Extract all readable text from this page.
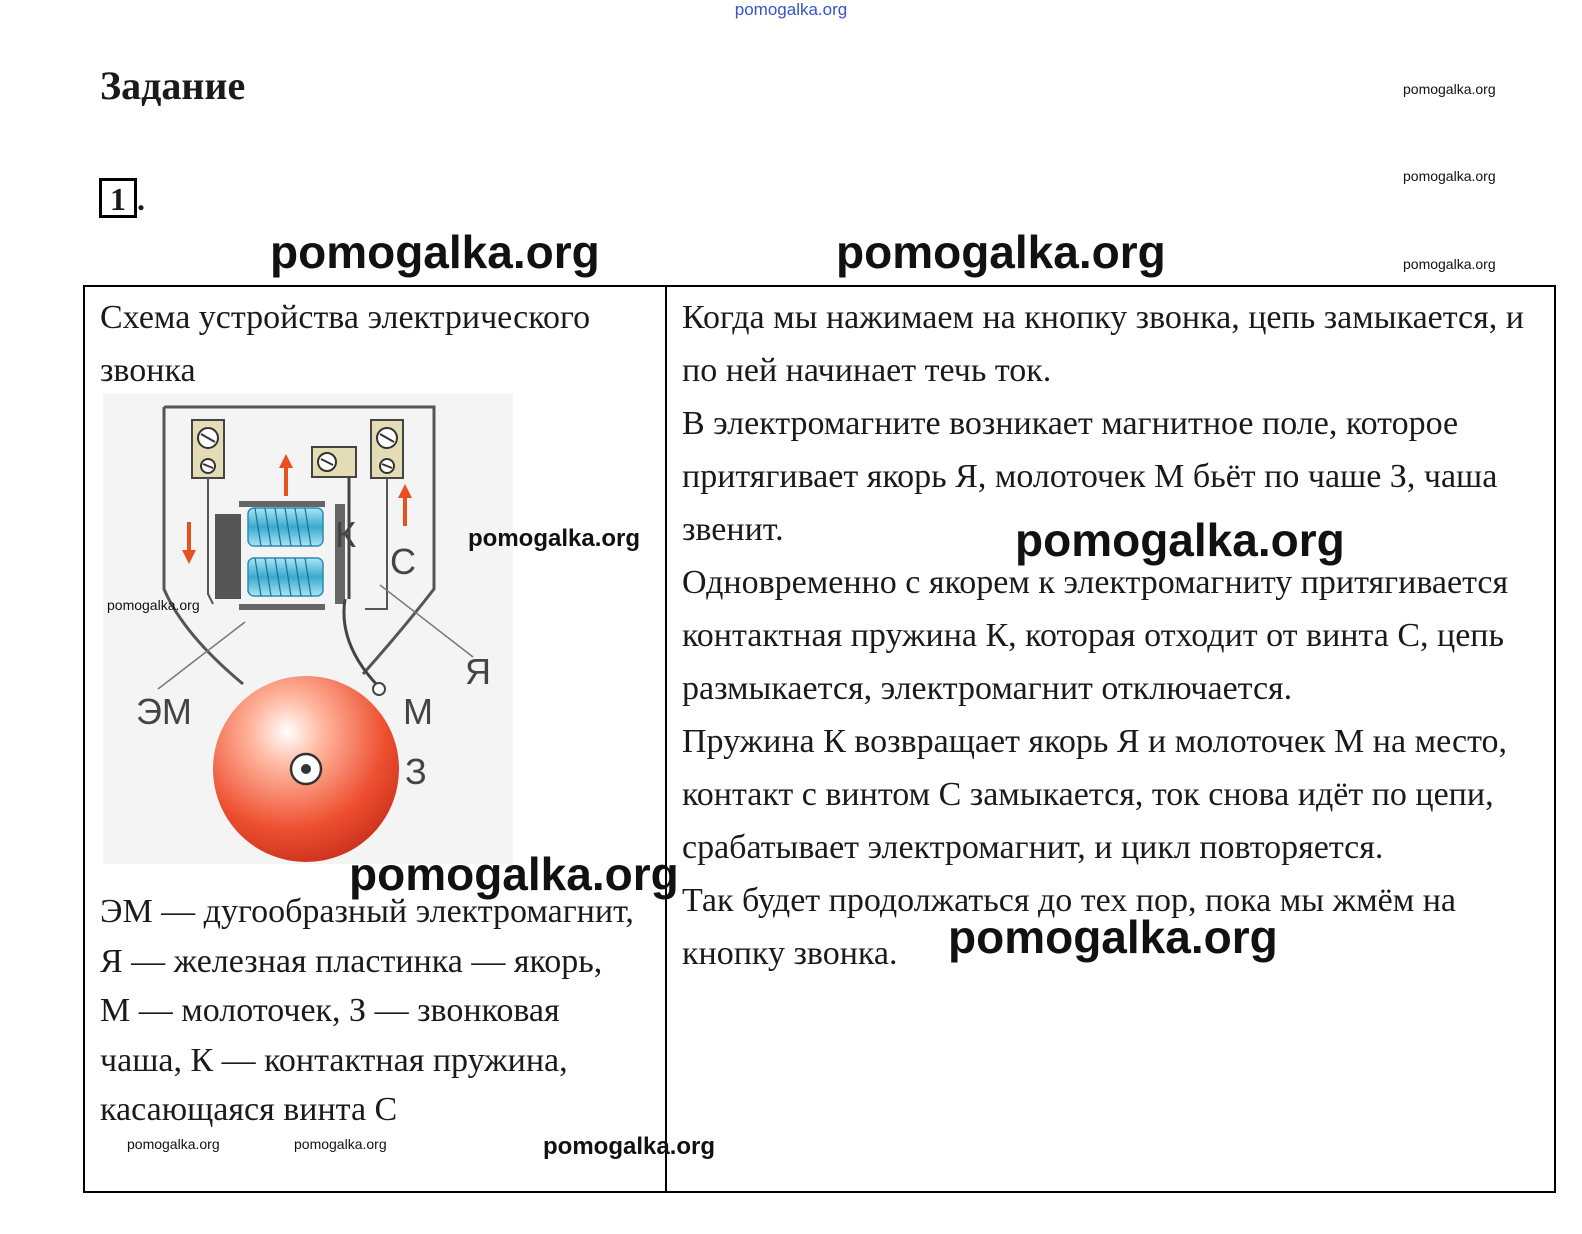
pomogalka.org
Задание
1 .
pomogalka.org
pomogalka.org
pomogalka.org
pomogalka.org	pomogalka.org
Схема устройства электрического звонка
К
С
Я
ЭМ	М
З
ЭМ — дугообразный электромагнит, Я — железная пластинка — якорь, М — молоточек, З — звонковая чаша, К — контактная пружина, касающаяся винта С

Когда мы нажимаем на кнопку звонка, цепь замыкается, и по ней начинает течь ток.

В электромагните возникает магнитное поле, которое притягивает якорь Я, молоточек М бьёт по чаше З, чаша звенит.

Одновременно с якорем к электромагниту притягивается контактная пружина К, которая отходит от винта С, цепь размыкается, электромагнит отключается.

Пружина К возвращает якорь Я и молоточек М на место, контакт с винтом С замыкается, ток снова идёт по цепи, срабатывает электромагнит, и цикл повторяется.

Так будет продолжаться до тех пор, пока мы жмём на кнопку звонка.

pomogalka.org	pomogalka.org
pomogalka.org
pomogalka.org
pomogalka.org
pomogalka.org	pomogalka.org	pomogalka.org
